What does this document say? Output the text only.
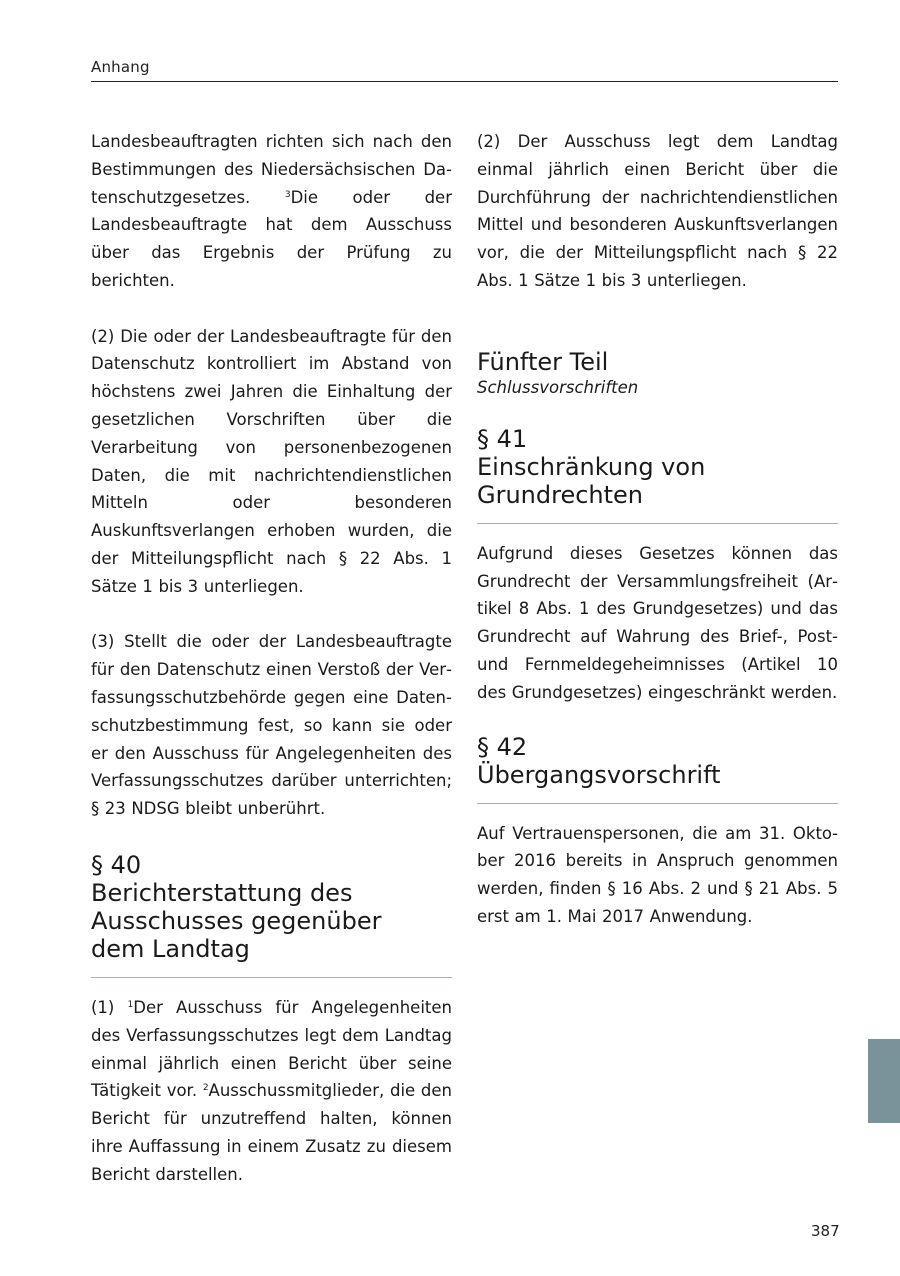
Anhang

Landesbeauftragten richten sich nach den Bestimmungen des Niedersächsischen Datenschutzgesetzes. $^3$Die oder der Landesbeauftragte hat dem Ausschuss über das Ergebnis der Prüfung zu berichten.

(2) Die oder der Landesbeauftragte für den Datenschutz kontrolliert im Abstand von höchstens zwei Jahren die Einhaltung der gesetzlichen Vorschriften über die Verarbeitung von personenbezogenen Daten, die mit nachrichtendienstlichen Mitteln oder besonderen Auskunftsverlangen erhoben wurden, die der Mitteilungspflicht nach § 22 Abs. 1 Sätze 1 bis 3 unterliegen.

(3) Stellt die oder der Landesbeauftragte für den Datenschutz einen Verstoß der Verfassungsschutzbehörde gegen eine Datenschutzbestimmung fest, so kann sie oder er den Ausschuss für Angelegenheiten des Verfassungsschutzes darüber unterrichten; § 23 NDSG bleibt unberührt.

§ 40
Berichterstattung des
Ausschusses gegenüber
dem Landtag

(1) $^1$Der Ausschuss für Angelegenheiten des Verfassungsschutzes legt dem Landtag einmal jährlich einen Bericht über seine Tätigkeit vor. $^2$Ausschussmitglieder, die den Bericht für unzutreffend halten, können ihre Auffassung in einem Zusatz zu diesem Bericht darstellen.

(2) Der Ausschuss legt dem Landtag einmal jährlich einen Bericht über die Durchführung der nachrichtendienstlichen Mittel und besonderen Auskunftsverlangen vor, die der Mitteilungspflicht nach § 22 Abs. 1 Sätze 1 bis 3 unterliegen.

Fünfter Teil
Schlussvorschriften
§ 41
Einschränkung von
Grundrechten

Aufgrund dieses Gesetzes können das Grundrecht der Versammlungsfreiheit (Artikel 8 Abs. 1 des Grundgesetzes) und das Grundrecht auf Wahrung des Brief-, Post- und Fernmeldegeheimnisses (Artikel 10 des Grundgesetzes) eingeschränkt werden.

§ 42
Übergangsvorschrift

Auf Vertrauenspersonen, die am 31. Oktober 2016 bereits in Anspruch genommen werden, finden § 16 Abs. 2 und § 21 Abs. 5 erst am 1. Mai 2017 Anwendung.

387
